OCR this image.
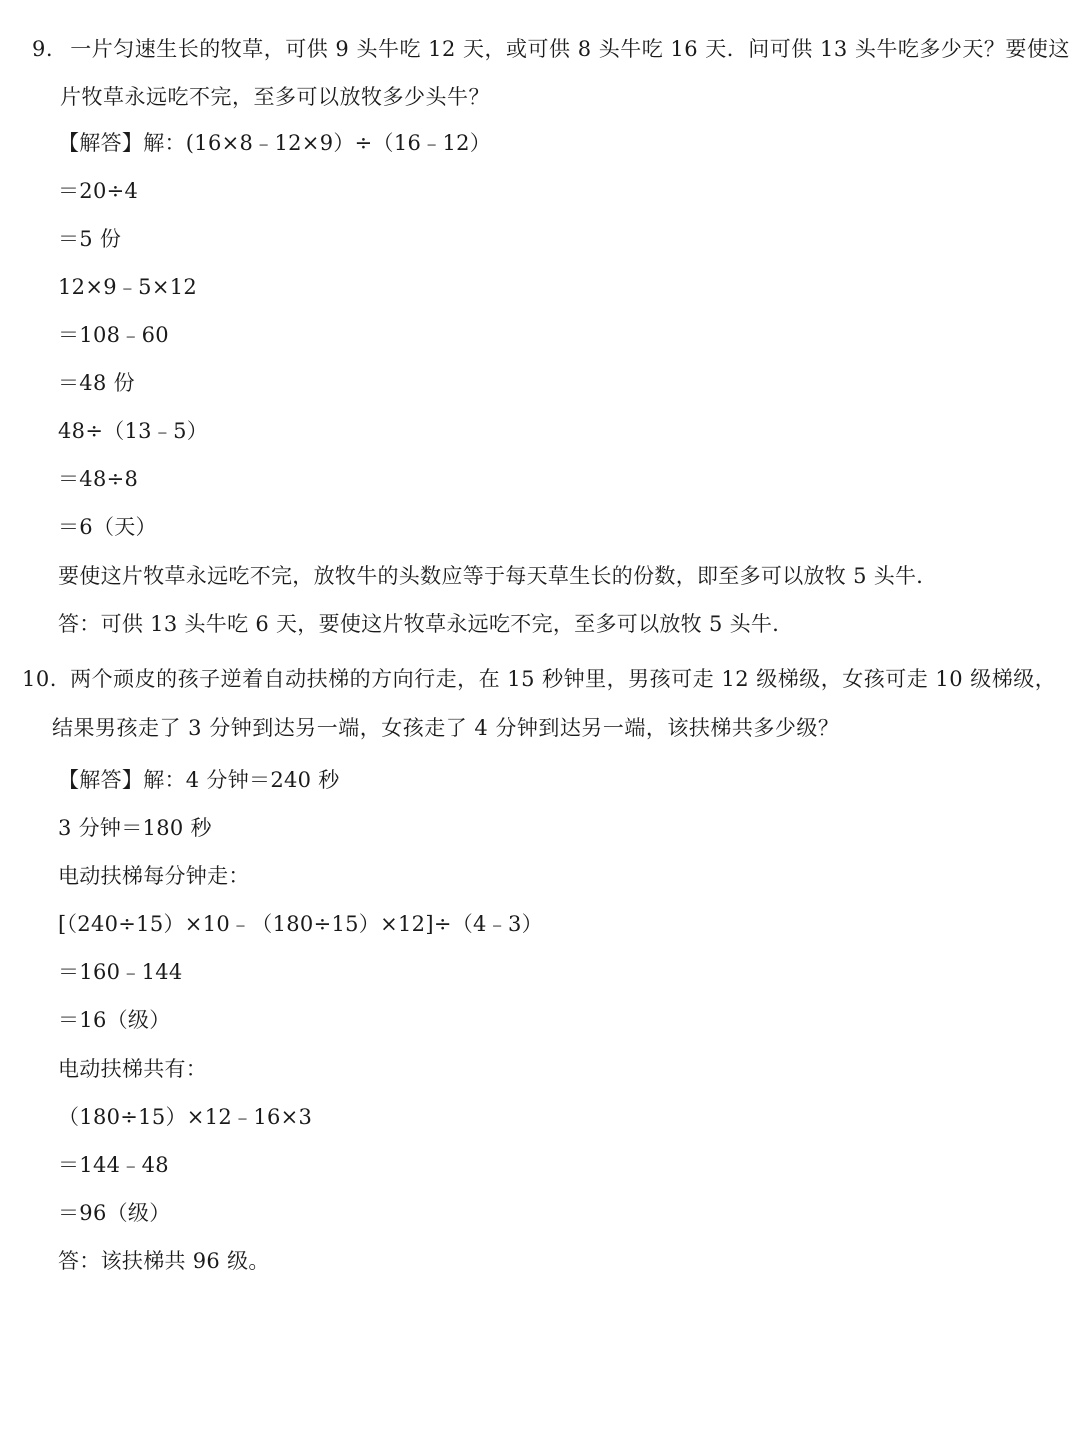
9. 一片匀速生长的牧草，可供 9 头牛吃 12 天，或可供 8 头牛吃 16 天．问可供 13 头牛吃多少天？要使这
片牧草永远吃不完，至多可以放牧多少头牛？
【解答】解：(16×8﹣12×9）÷（16﹣12）
＝20÷4
＝5 份
12×9﹣5×12
＝108﹣60
＝48 份
48÷（13﹣5）
＝48÷8
＝6（天）
要使这片牧草永远吃不完，放牧牛的头数应等于每天草生长的份数，即至多可以放牧 5 头牛．
答：可供 13 头牛吃 6 天，要使这片牧草永远吃不完，至多可以放牧 5 头牛．
10. 两个顽皮的孩子逆着自动扶梯的方向行走，在 15 秒钟里，男孩可走 12 级梯级，女孩可走 10 级梯级，
结果男孩走了 3 分钟到达另一端，女孩走了 4 分钟到达另一端，该扶梯共多少级？
【解答】解：4 分钟＝240 秒
3 分钟＝180 秒
电动扶梯每分钟走：
[（240÷15）×10﹣（180÷15）×12]÷（4﹣3）
＝160﹣144
＝16（级）
电动扶梯共有：
（180÷15）×12﹣16×3
＝144﹣48
＝96（级）
答：该扶梯共 96 级。
